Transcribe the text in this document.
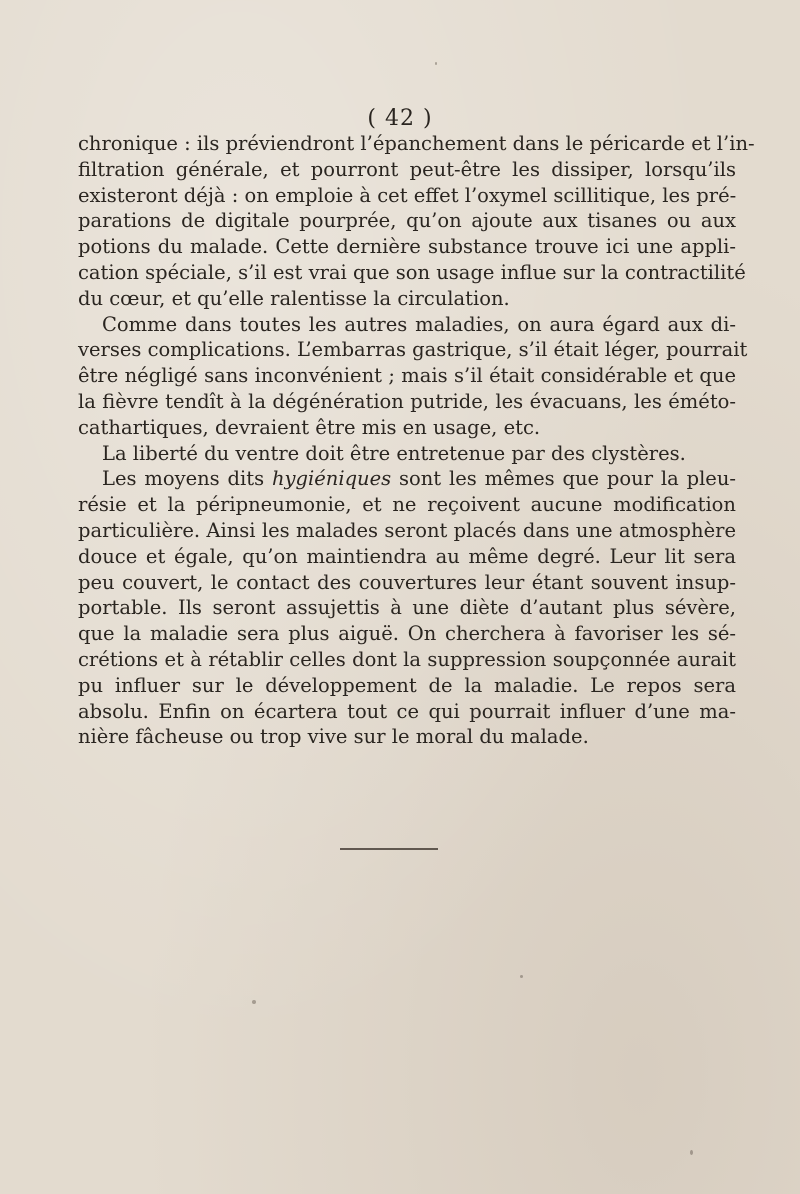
( 42 )
chronique : ils préviendront l’épanchement dans le péricarde et l’in-
filtration générale, et pourront peut-être les dissiper, lorsqu’ils
existeront déjà : on emploie à cet effet l’oxymel scillitique, les pré-
parations de digitale pourprée, qu’on ajoute aux tisanes ou aux
potions du malade. Cette dernière substance trouve ici une appli-
cation spéciale, s’il est vrai que son usage influe sur la contractilité
du cœur, et qu’elle ralentisse la circulation.
Comme dans toutes les autres maladies, on aura égard aux di-
verses complications. L’embarras gastrique, s’il était léger, pourrait
être négligé sans inconvénient ; mais s’il était considérable et que
la fièvre tendît à la dégénération putride, les évacuans, les éméto-
cathartiques, devraient être mis en usage, etc.
La liberté du ventre doit être entretenue par des clystères.
Les moyens dits hygiéniques sont les mêmes que pour la pleu-
résie et la péripneumonie, et ne reçoivent aucune modification
particulière. Ainsi les malades seront placés dans une atmosphère
douce et égale, qu’on maintiendra au même degré. Leur lit sera
peu couvert, le contact des couvertures leur étant souvent insup-
portable. Ils seront assujettis à une diète d’autant plus sévère,
que la maladie sera plus aiguë. On cherchera à favoriser les sé-
crétions et à rétablir celles dont la suppression soupçonnée aurait
pu influer sur le développement de la maladie. Le repos sera
absolu. Enfin on écartera tout ce qui pourrait influer d’une ma-
nière fâcheuse ou trop vive sur le moral du malade.
